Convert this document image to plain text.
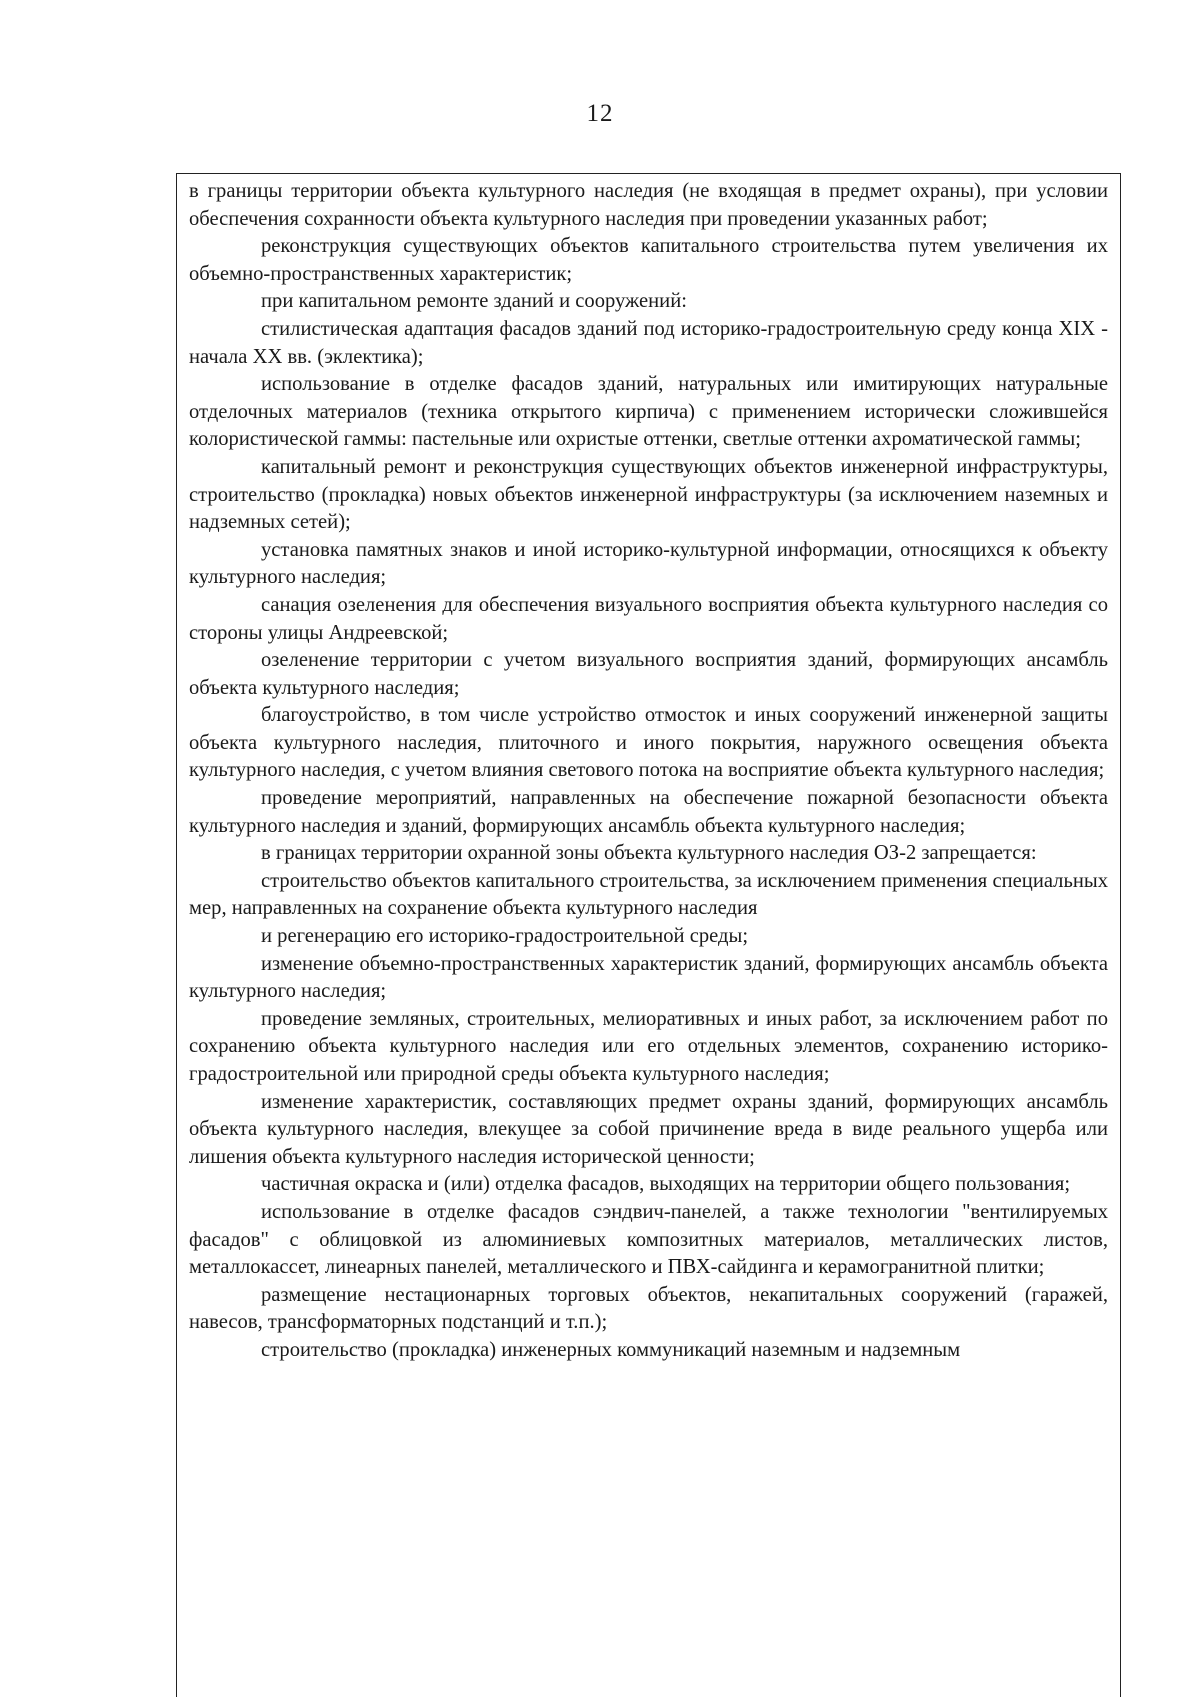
12

в границы территории объекта культурного наследия (не входящая в предмет охраны), при условии обеспечения сохранности объекта культурного наследия при проведении указанных работ;

реконструкция существующих объектов капитального строительства путем увеличения их объемно-пространственных характеристик;

при капитальном ремонте зданий и сооружений:

стилистическая адаптация фасадов зданий под историко-градостроительную среду конца XIX - начала XX вв. (эклектика);

использование в отделке фасадов зданий, натуральных или имитирующих натуральные отделочных материалов (техника открытого кирпича) с применением исторически сложившейся колористической гаммы: пастельные или охристые оттенки, светлые оттенки ахроматической гаммы;

капитальный ремонт и реконструкция существующих объектов инженерной инфраструктуры, строительство (прокладка) новых объектов инженерной инфраструктуры (за исключением наземных и надземных сетей);

установка памятных знаков и иной историко-культурной информации, относящихся к объекту культурного наследия;

санация озеленения для обеспечения визуального восприятия объекта культурного наследия со стороны улицы Андреевской;

озеленение территории с учетом визуального восприятия зданий, формирующих ансамбль объекта культурного наследия;

благоустройство, в том числе устройство отмосток и иных сооружений инженерной защиты объекта культурного наследия, плиточного и иного покрытия, наружного освещения объекта культурного наследия, с учетом влияния светового потока на восприятие объекта культурного наследия;

проведение мероприятий, направленных на обеспечение пожарной безопасности объекта культурного наследия и зданий, формирующих ансамбль объекта культурного наследия;

в границах территории охранной зоны объекта культурного наследия ОЗ-2 запрещается:

строительство объектов капитального строительства, за исключением применения специальных мер, направленных на сохранение объекта культурного наследия

и регенерацию его историко-градостроительной среды;

изменение объемно-пространственных характеристик зданий, формирующих ансамбль объекта культурного наследия;

проведение земляных, строительных, мелиоративных и иных работ, за исключением работ по сохранению объекта культурного наследия или его отдельных элементов, сохранению историко-градостроительной или природной среды объекта культурного наследия;

изменение характеристик, составляющих предмет охраны зданий, формирующих ансамбль объекта культурного наследия, влекущее за собой причинение вреда в виде реального ущерба или лишения объекта культурного наследия исторической ценности;

частичная окраска и (или) отделка фасадов, выходящих на территории общего пользования;

использование в отделке фасадов сэндвич-панелей, а также технологии "вентилируемых фасадов" с облицовкой из алюминиевых композитных материалов, металлических листов, металлокассет, линеарных панелей, металлического и ПВХ-сайдинга и керамогранитной плитки;

размещение нестационарных торговых объектов, некапитальных сооружений (гаражей, навесов, трансформаторных подстанций и т.п.);

строительство (прокладка) инженерных коммуникаций наземным и надземным
